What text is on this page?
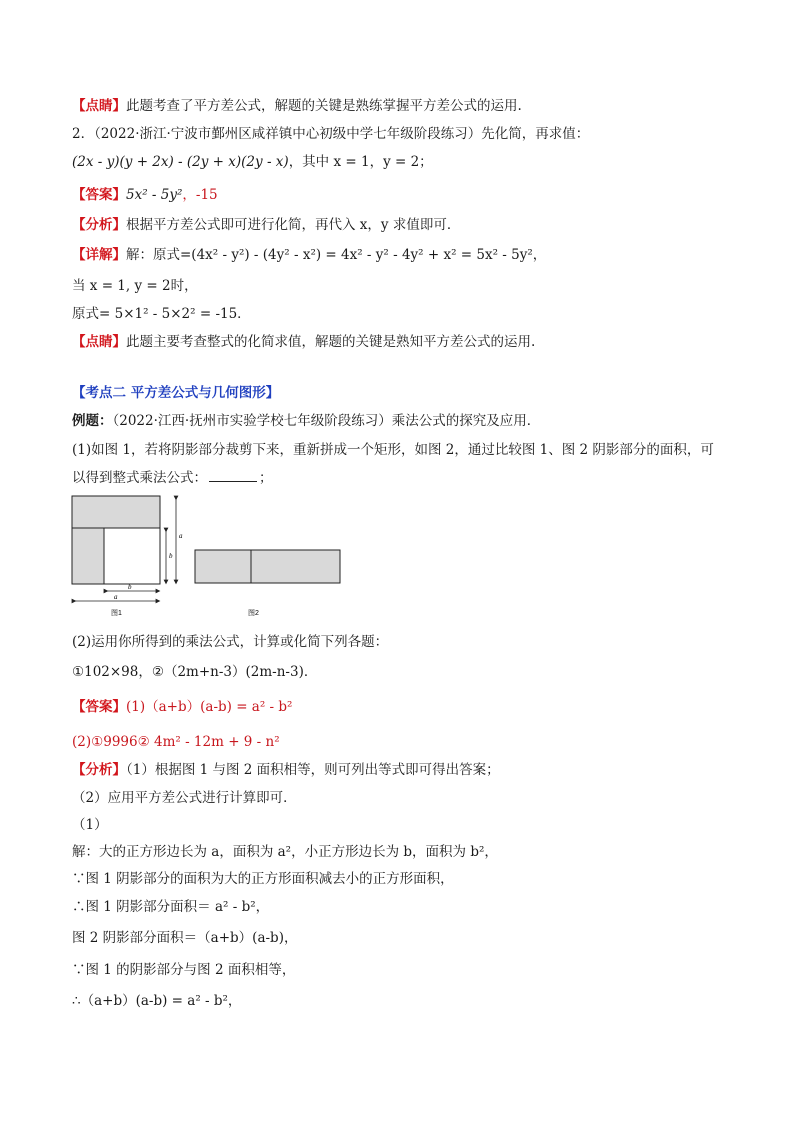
【点睛】此题考查了平方差公式，解题的关键是熟练掌握平方差公式的运用.
2．（2022·浙江·宁波市鄞州区咸祥镇中心初级中学七年级阶段练习）先化简，再求值：
(2x - y)(y + 2x) - (2y + x)(2y - x)，其中 x = 1，y = 2；
【答案】5x² - 5y²，-15
【分析】根据平方差公式即可进行化简，再代入 x，y 求值即可．
【详解】解：原式=(4x² - y²) - (4y² - x²) = 4x² - y² - 4y² + x² = 5x² - 5y²，
当 x = 1, y = 2时，
原式= 5×1² - 5×2² = -15．
【点睛】此题主要考查整式的化简求值，解题的关键是熟知平方差公式的运用.
【考点二 平方差公式与几何图形】
例题：（2022·江西·抚州市实验学校七年级阶段练习）乘法公式的探究及应用．
(1)如图 1，若将阴影部分裁剪下来，重新拼成一个矩形，如图 2，通过比较图 1、图 2 阴影部分的面积，可
以得到整式乘法公式：	；
a
b
b
a
图1	图2
(2)运用你所得到的乘法公式，计算或化简下列各题：
①102×98，②（2m+n-3）(2m-n-3)．
【答案】(1)（a+b）(a-b) = a² - b²
(2)①9996② 4m² - 12m + 9 - n²
【分析】（1）根据图 1 与图 2 面积相等，则可列出等式即可得出答案；
（2）应用平方差公式进行计算即可．
（1）
解：大的正方形边长为 a，面积为 a²，小正方形边长为 b，面积为 b²，
∵图 1 阴影部分的面积为大的正方形面积减去小的正方形面积，
∴图 1 阴影部分面积＝ a² - b²，
图 2 阴影部分面积＝（a+b）(a-b)，
∵图 1 的阴影部分与图 2 面积相等，
∴（a+b）(a-b) = a² - b²，
